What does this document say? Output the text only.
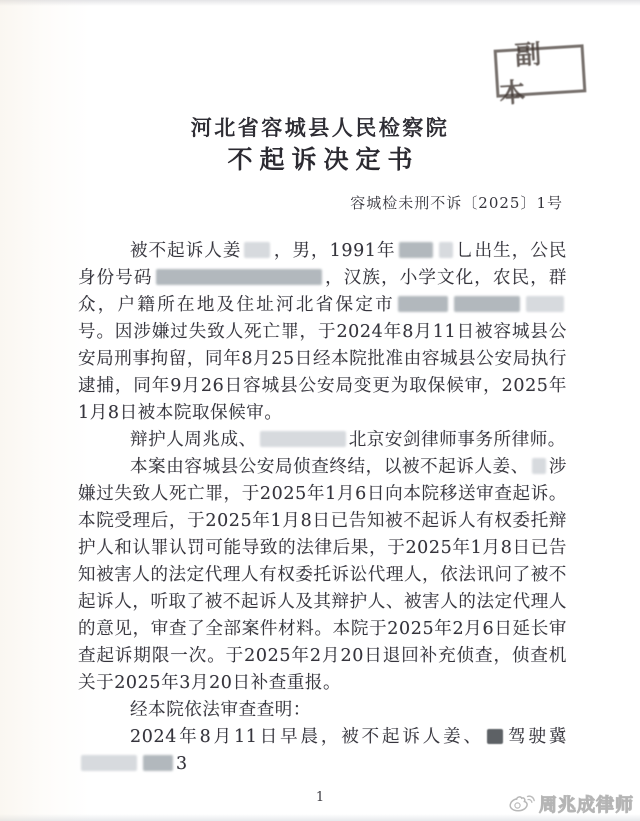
副本
河北省容城县人民检察院
不起诉决定书
容城检未刑不诉〔2025〕1号

被不起诉人姜 ，男，1991年	乚出生，公民身份号码	，汉族，小学文化，农民，群众，户籍所在地及住址河北省保定市号。因涉嫌过失致人死亡罪，于2024年8月11日被容城县公安局刑事拘留，同年8月25日经本院批准由容城县公安局执行逮捕，同年9月26日容城县公安局变更为取保候审，2025年1月8日被本院取保候审。

辩护人周兆成、	北京安剑律师事务所律师。

本案由容城县公安局侦查终结，以被不起诉人姜、 涉嫌过失致人死亡罪，于2025年1月6日向本院移送审查起诉。本院受理后，于2025年1月8日已告知被不起诉人有权委托辩护人和认罪认罚可能导致的法律后果，于2025年1月8日已告知被害人的法定代理人有权委托诉讼代理人，依法讯问了被不起诉人，听取了被不起诉人及其辩护人、被害人的法定代理人的意见，审查了全部案件材料。本院于2025年2月6日延长审查起诉期限一次。于2025年2月20日退回补充侦查，侦查机关于2025年3月20日补查重报。

经本院依法审查查明：

2024年8月11日早晨，被不起诉人姜、 驾驶冀3

1	周兆成律师
